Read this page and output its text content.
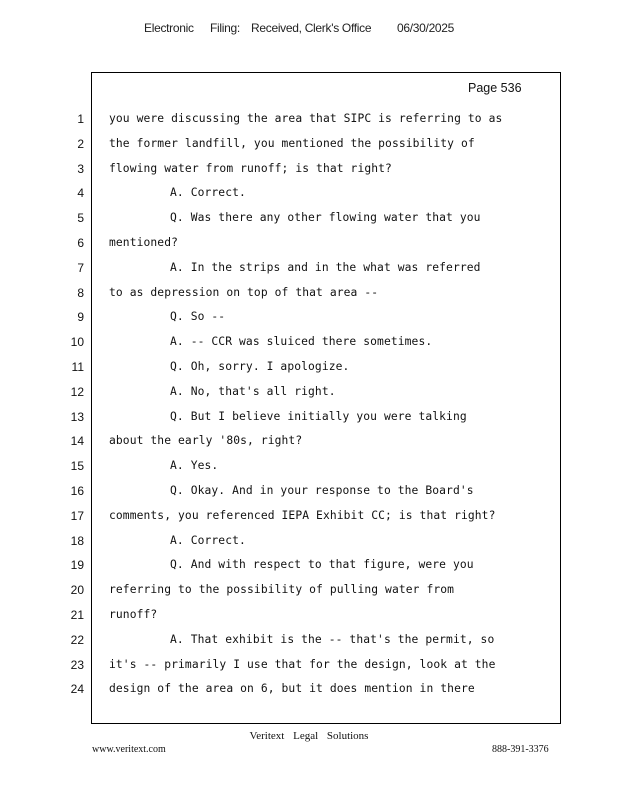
Electronic Filing: Received, Clerk's Office 06/30/2025
Page 536
1
2
3
4
5
6
7
8
9
10
11
12
13
14
15
16
17
18
19
20
21
22
23
24
you were discussing the area that SIPC is referring to as
the former landfill, you mentioned the possibility of
flowing water from runoff; is that right?
A. Correct.
Q. Was there any other flowing water that you
mentioned?
A. In the strips and in the what was referred
to as depression on top of that area --
Q. So --
A. -- CCR was sluiced there sometimes.
Q. Oh, sorry. I apologize.
A. No, that's all right.
Q. But I believe initially you were talking
about the early '80s, right?
A. Yes.
Q. Okay. And in your response to the Board's
comments, you referenced IEPA Exhibit CC; is that right?
A. Correct.
Q. And with respect to that figure, were you
referring to the possibility of pulling water from
runoff?
A. That exhibit is the -- that's the permit, so
it's -- primarily I use that for the design, look at the
design of the area on 6, but it does mention in there
Veritext Legal Solutions
www.veritext.com	888-391-3376
